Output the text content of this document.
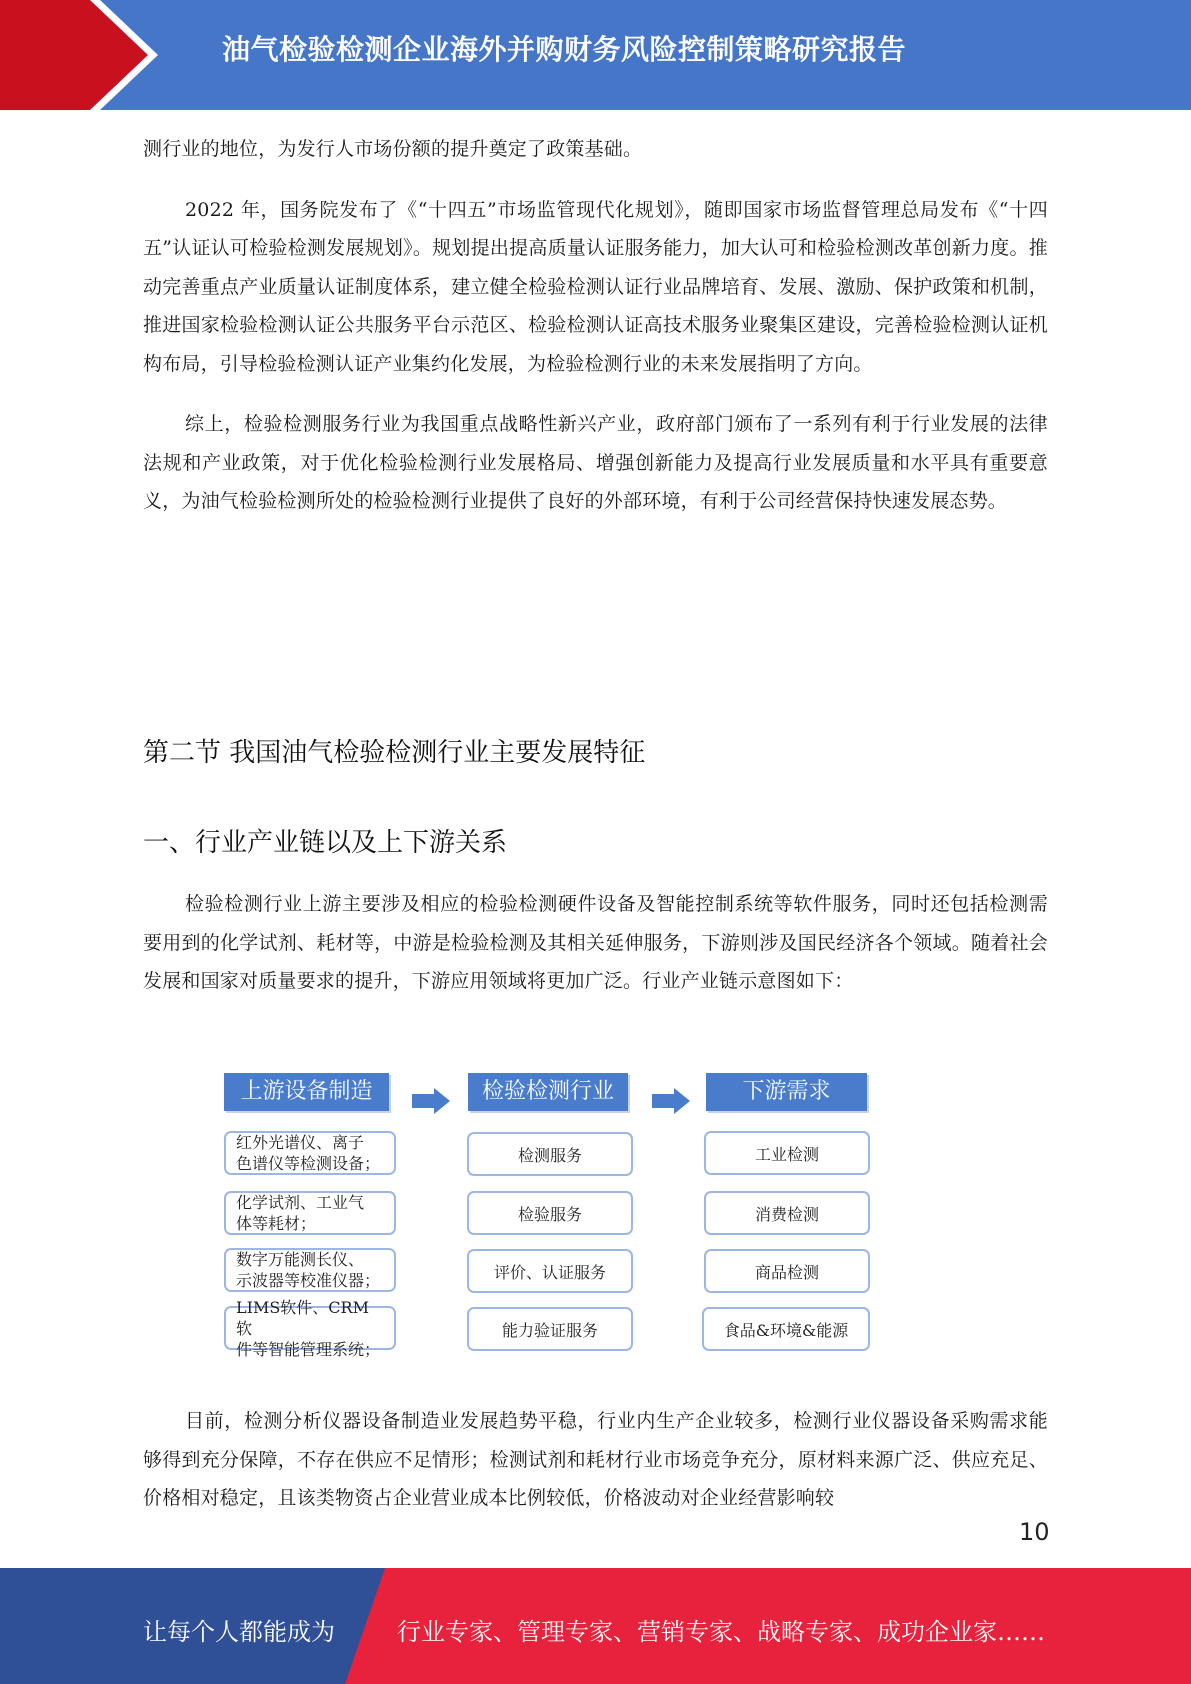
油气检验检测企业海外并购财务风险控制策略研究报告

测行业的地位，为发行人市场份额的提升奠定了政策基础。

2022 年，国务院发布了《“十四五”市场监管现代化规划》，随即国家市场监督管理总局发布《“十四五”认证认可检验检测发展规划》。规划提出提高质量认证服务能力，加大认可和检验检测改革创新力度。推动完善重点产业质量认证制度体系，建立健全检验检测认证行业品牌培育、发展、激励、保护政策和机制，推进国家检验检测认证公共服务平台示范区、检验检测认证高技术服务业聚集区建设，完善检验检测认证机构布局，引导检验检测认证产业集约化发展，为检验检测行业的未来发展指明了方向。

综上，检验检测服务行业为我国重点战略性新兴产业，政府部门颁布了一系列有利于行业发展的法律法规和产业政策，对于优化检验检测行业发展格局、增强创新能力及提高行业发展质量和水平具有重要意义，为油气检验检测所处的检验检测行业提供了良好的外部环境，有利于公司经营保持快速发展态势。

第二节 我国油气检验检测行业主要发展特征
一、行业产业链以及上下游关系

检验检测行业上游主要涉及相应的检验检测硬件设备及智能控制系统等软件服务，同时还包括检测需要用到的化学试剂、耗材等，中游是检验检测及其相关延伸服务，下游则涉及国民经济各个领域。随着社会发展和国家对质量要求的提升，下游应用领域将更加广泛。行业产业链示意图如下：

上游设备制造	检验检测行业	下游需求
红外光谱仪、离子
色谱仪等检测设备；
化学试剂、工业气
体等耗材；
数字万能测长仪、
示波器等校准仪器；
LIMS软件、CRM软
件等智能管理系统；
检测服务
检验服务
评价、认证服务
能力验证服务
工业检测
消费检测
商品检测
食品&环境&能源

目前，检测分析仪器设备制造业发展趋势平稳，行业内生产企业较多，检测行业仪器设备采购需求能够得到充分保障，不存在供应不足情形；检测试剂和耗材行业市场竞争充分，原材料来源广泛、供应充足、价格相对稳定，且该类物资占企业营业成本比例较低，价格波动对企业经营影响较

10
让每个人都能成为	行业专家、管理专家、营销专家、战略专家、成功企业家……
